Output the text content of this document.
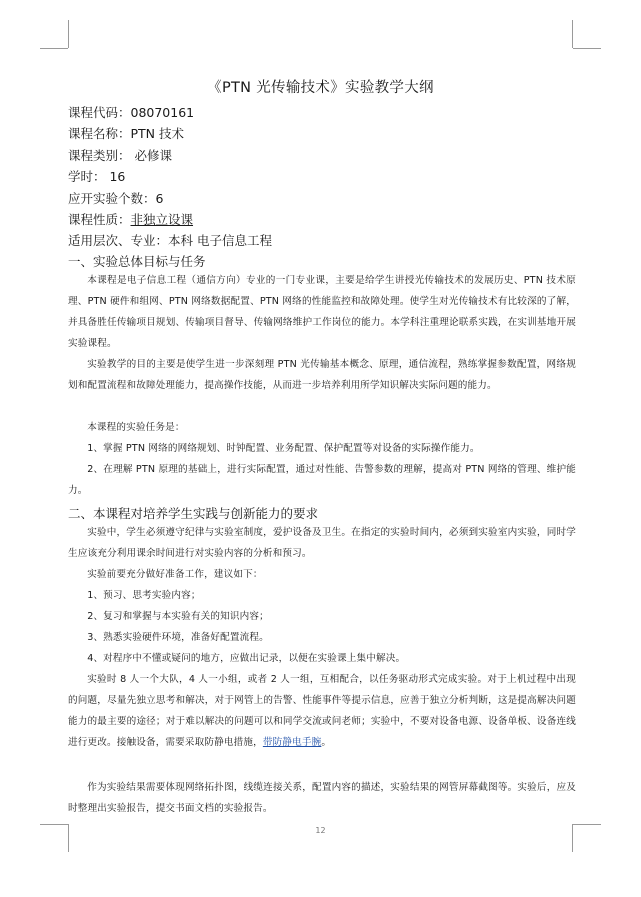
《PTN 光传输技术》实验教学大纲
课程代码：08070161
课程名称：PTN 技术
课程类别： 必修课
学时： 16
应开实验个数：6
课程性质：非独立设课
适用层次、专业：本科 电子信息工程
一、实验总体目标与任务

本课程是电子信息工程（通信方向）专业的一门专业课，主要是给学生讲授光传输技术的发展历史、PTN 技术原理、PTN 硬件和组网、PTN 网络数据配置、PTN 网络的性能监控和故障处理。使学生对光传输技术有比较深的了解，并具备胜任传输项目规划、传输项目督导、传输网络维护工作岗位的能力。本学科注重理论联系实践，在实训基地开展实验课程。

实验教学的目的主要是使学生进一步深刻理 PTN 光传输基本概念、原理，通信流程，熟练掌握参数配置，网络规划和配置流程和故障处理能力，提高操作技能，从而进一步培养利用所学知识解决实际问题的能力。

本课程的实验任务是：

1、掌握 PTN 网络的网络规划、时钟配置、业务配置、保护配置等对设备的实际操作能力。

2、在理解 PTN 原理的基础上，进行实际配置，通过对性能、告警参数的理解，提高对 PTN 网络的管理、维护能力。

二、本课程对培养学生实践与创新能力的要求

实验中，学生必须遵守纪律与实验室制度，爱护设备及卫生。在指定的实验时间内，必须到实验室内实验，同时学生应该充分利用课余时间进行对实验内容的分析和预习。

实验前要充分做好准备工作，建议如下：

1、预习、思考实验内容；

2、复习和掌握与本实验有关的知识内容；

3、熟悉实验硬件环境，准备好配置流程。

4、对程序中不懂或疑问的地方，应做出记录，以便在实验课上集中解决。

实验时 8 人一个大队，4 人一小组，或者 2 人一组，互相配合，以任务驱动形式完成实验。对于上机过程中出现的问题，尽量先独立思考和解决，对于网管上的告警、性能事件等提示信息，应善于独立分析判断，这是提高解决问题能力的最主要的途径；对于难以解决的问题可以和同学交流或问老师；实验中，不要对设备电源、设备单板、设备连线进行更改。接触设备，需要采取防静电措施，带防静电手腕。

作为实验结果需要体现网络拓扑图，线缆连接关系，配置内容的描述，实验结果的网管屏幕截图等。实验后，应及时整理出实验报告，提交书面文档的实验报告。

12
